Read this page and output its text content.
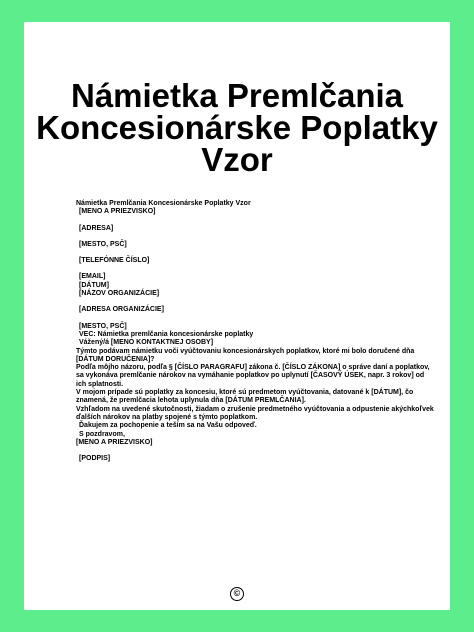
Námietka Premlčania
Koncesionárske Poplatky
Vzor
Námietka Premlčania Koncesionárske Poplatky Vzor
[MENO A PRIEZVISKO]
[ADRESA]
[MESTO, PSČ]
[TELEFÓNNE ČÍSLO]
[EMAIL]
[DÁTUM]
[NÁZOV ORGANIZÁCIE]
[ADRESA ORGANIZÁCIE]
[MESTO, PSČ]
VEC: Námietka premlčania koncesionárske poplatky
Vážený/á [MENO KONTAKTNEJ OSOBY]
Týmto podávam námietku voči vyúčtovaniu koncesionárskych poplatkov, ktoré mi bolo doručené dňa
[DÁTUM DORUČENIA]?
Podľa môjho názoru, podľa § [ČÍSLO PARAGRAFU] zákona č. [ČÍSLO ZÁKONA] o správe daní a poplatkov,
sa vykonáva premlčanie nárokov na vymáhanie poplatkov po uplynutí [ČASOVÝ ÚSEK, napr. 3 rokov] od
ich splatnosti.
V mojom prípade sú poplatky za koncesiu, ktoré sú predmetom vyúčtovania, datované k [DÁTUM], čo
znamená, že premlčacia lehota uplynula dňa [DÁTUM PREMLČANIA].
Vzhľadom na uvedené skutočnosti, žiadam o zrušenie predmetného vyúčtovania a odpustenie akýchkoľvek
ďalších nárokov na platby spojené s týmto poplatkom.
Ďakujem za pochopenie a teším sa na Vašu odpoveď.
S pozdravom,
[MENO A PRIEZVISKO]
[PODPIS]
©
